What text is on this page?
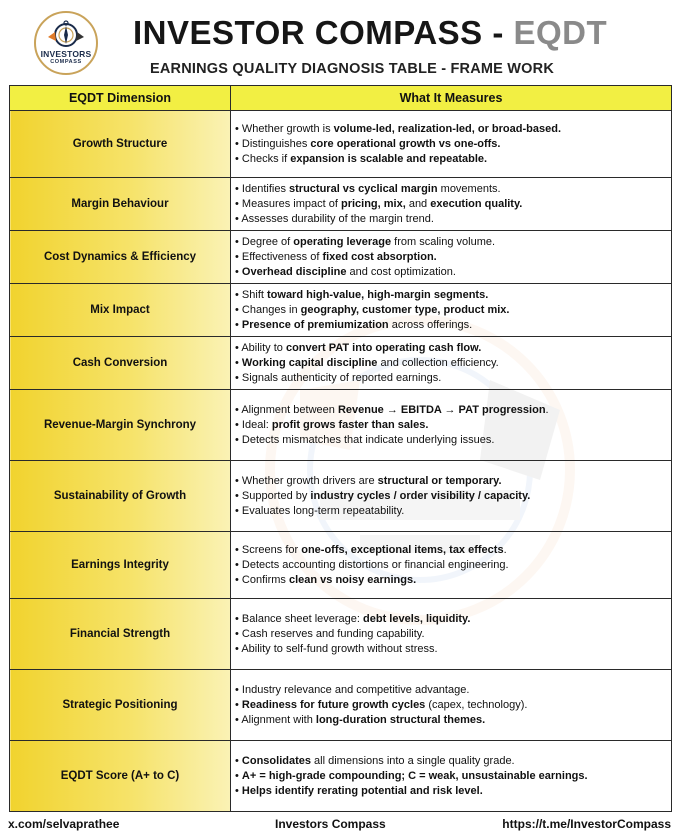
INVESTORS
COMPASS
INVESTOR COMPASS - EQDT
EARNINGS QUALITY DIAGNOSIS TABLE - FRAME WORK
EQDT Dimension	What It Measures
Growth Structure	• Whether growth is volume-led, realization-led, or broad-based.
• Distinguishes core operational growth vs one-offs.
• Checks if expansion is scalable and repeatable.

Margin Behaviour	• Identifies structural vs cyclical margin movements.
• Measures impact of pricing, mix, and execution quality.
• Assesses durability of the margin trend.

Cost Dynamics & Efficiency	• Degree of operating leverage from scaling volume.
• Effectiveness of fixed cost absorption.
• Overhead discipline and cost optimization.

Mix Impact	• Shift toward high-value, high-margin segments.
• Changes in geography, customer type, product mix.
• Presence of premiumization across offerings.

Cash Conversion	• Ability to convert PAT into operating cash flow.
• Working capital discipline and collection efficiency.
• Signals authenticity of reported earnings.

Revenue-Margin Synchrony	• Alignment between Revenue → EBITDA → PAT progression.
• Ideal: profit grows faster than sales.
• Detects mismatches that indicate underlying issues.

Sustainability of Growth	• Whether growth drivers are structural or temporary.
• Supported by industry cycles / order visibility / capacity.
• Evaluates long-term repeatability.

Earnings Integrity	• Screens for one-offs, exceptional items, tax effects.
• Detects accounting distortions or financial engineering.
• Confirms clean vs noisy earnings.

Financial Strength	• Balance sheet leverage: debt levels, liquidity.
• Cash reserves and funding capability.
• Ability to self-fund growth without stress.

Strategic Positioning	• Industry relevance and competitive advantage.
• Readiness for future growth cycles (capex, technology).
• Alignment with long-duration structural themes.

EQDT Score (A+ to C)	• Consolidates all dimensions into a single quality grade.
• A+ = high-grade compounding; C = weak, unsustainable earnings.
• Helps identify rerating potential and risk level.
x.com/selvaprathee	Investors Compass	https://t.me/InvestorCompass
